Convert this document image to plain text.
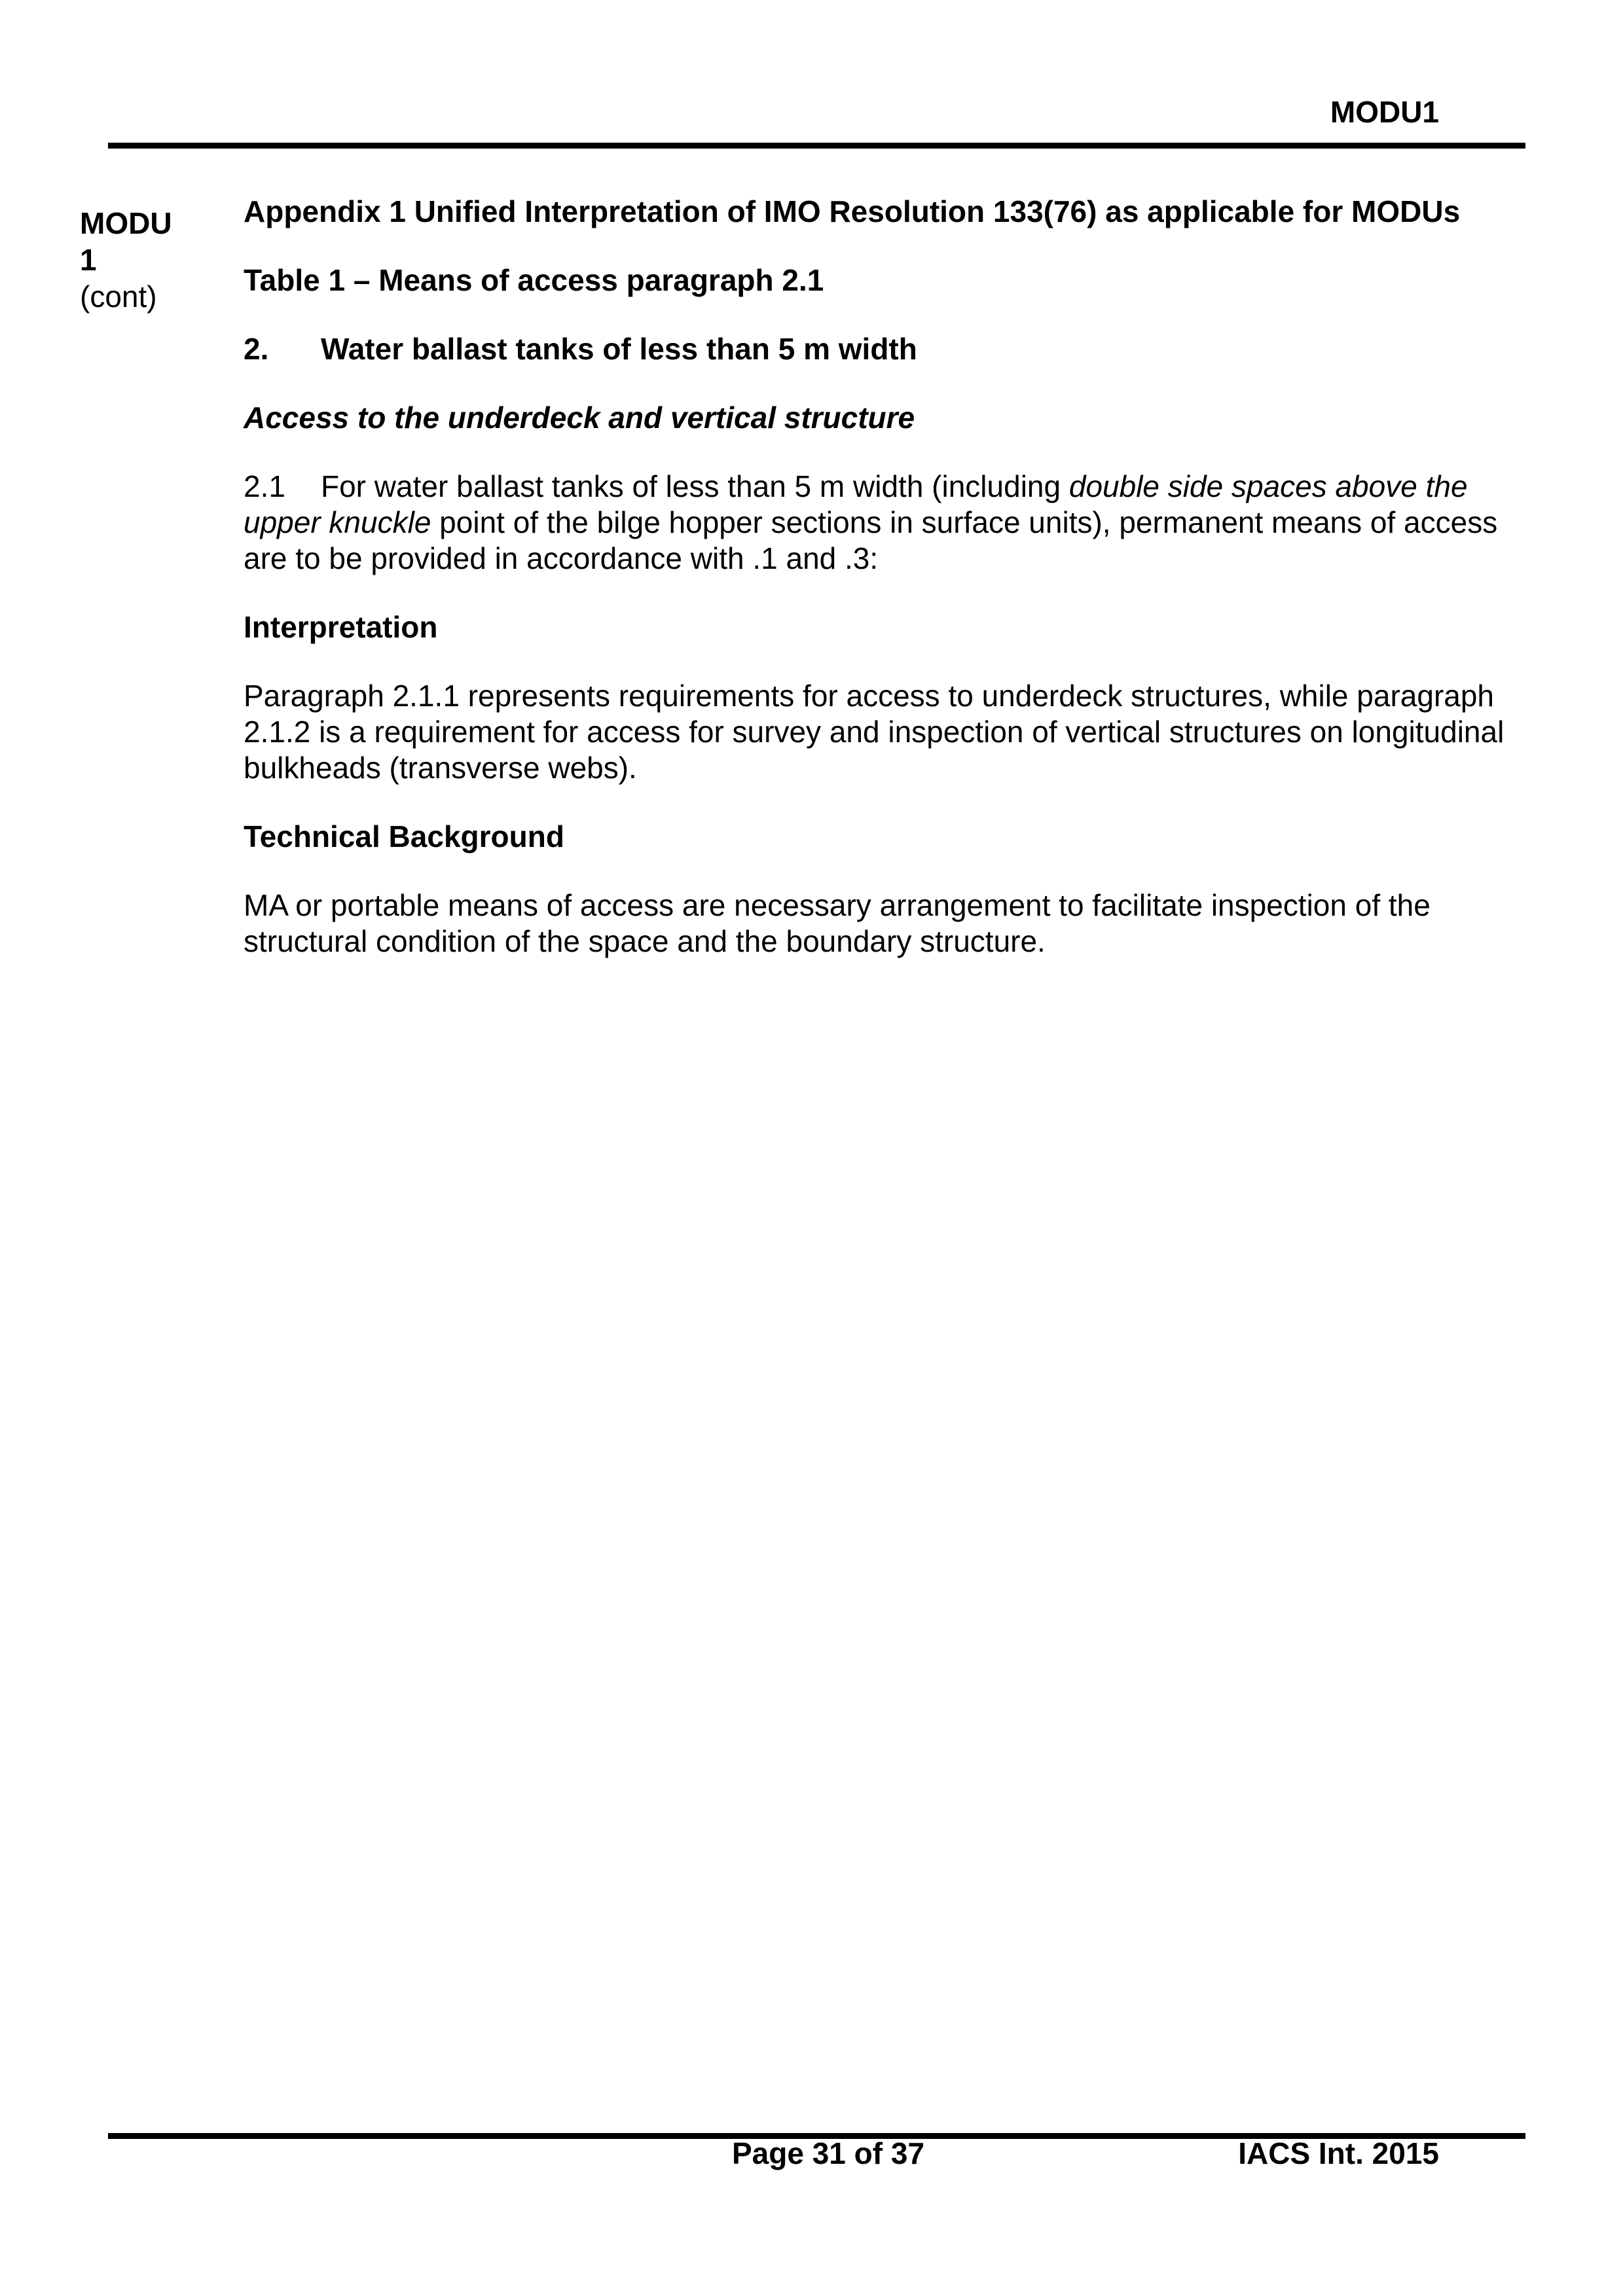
MODU1
MODU
1
(cont)

Appendix 1 Unified Interpretation of IMO Resolution 133(76) as applicable for MODUs

Table 1 – Means of access paragraph 2.1

2. Water ballast tanks of less than 5 m width

Access to the underdeck and vertical structure

2.1 For water ballast tanks of less than 5 m width (including double side spaces above the upper knuckle point of the bilge hopper sections in surface units), permanent means of access are to be provided in accordance with .1 and .3:

Interpretation

Paragraph 2.1.1 represents requirements for access to underdeck structures, while paragraph 2.1.2 is a requirement for access for survey and inspection of vertical structures on longitudinal bulkheads (transverse webs).

Technical Background

MA or portable means of access are necessary arrangement to facilitate inspection of the structural condition of the space and the boundary structure.

Page 31 of 37	IACS Int. 2015
